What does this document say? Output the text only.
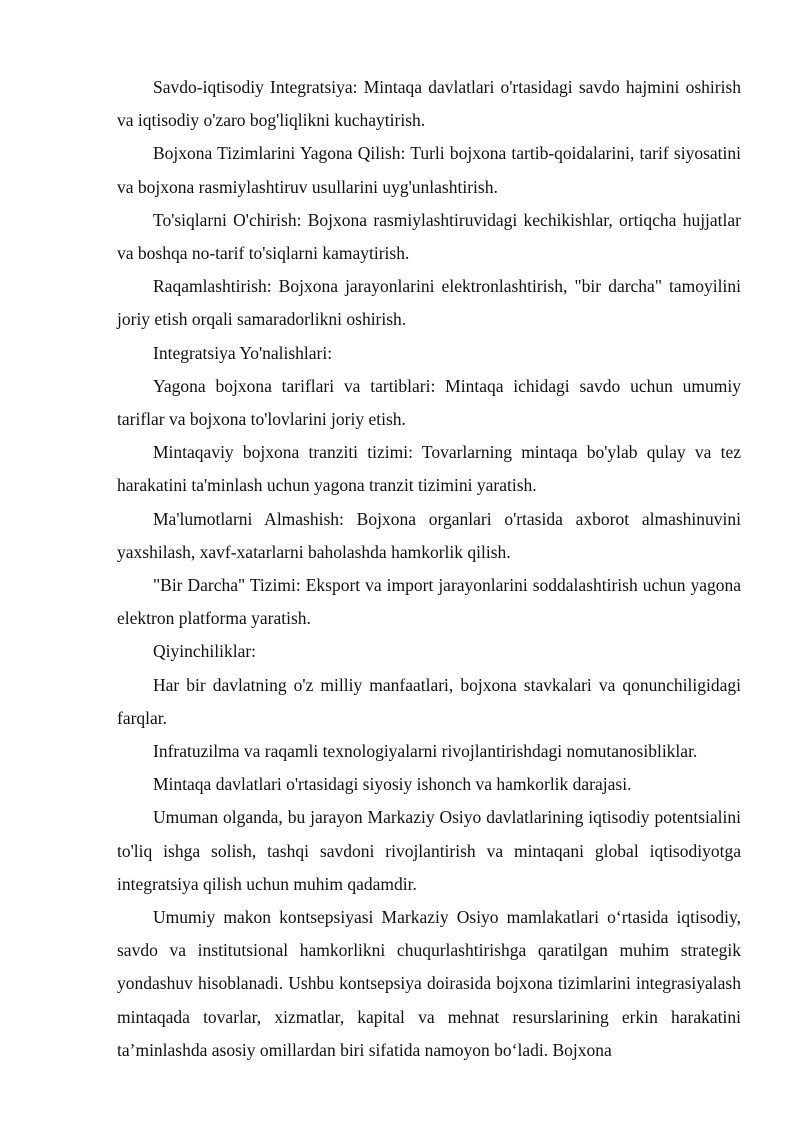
Savdo-iqtisodiy Integratsiya: Mintaqa davlatlari o'rtasidagi savdo hajmini oshirish va iqtisodiy o'zaro bog'liqlikni kuchaytirish.

Bojxona Tizimlarini Yagona Qilish: Turli bojxona tartib-qoidalarini, tarif siyosatini va bojxona rasmiylashtiruv usullarini uyg'unlashtirish.

To'siqlarni O'chirish: Bojxona rasmiylashtiruvidagi kechikishlar, ortiqcha hujjatlar va boshqa no-tarif to'siqlarni kamaytirish.

Raqamlashtirish: Bojxona jarayonlarini elektronlashtirish, "bir darcha" tamoyilini joriy etish orqali samaradorlikni oshirish.

Integratsiya Yo'nalishlari:

Yagona bojxona tariflari va tartiblari: Mintaqa ichidagi savdo uchun umumiy tariflar va bojxona to'lovlarini joriy etish.

Mintaqaviy bojxona tranziti tizimi: Tovarlarning mintaqa bo'ylab qulay va tez harakatini ta'minlash uchun yagona tranzit tizimini yaratish.

Ma'lumotlarni Almashish: Bojxona organlari o'rtasida axborot almashinuvini yaxshilash, xavf-xatarlarni baholashda hamkorlik qilish.

"Bir Darcha" Tizimi: Eksport va import jarayonlarini soddalashtirish uchun yagona elektron platforma yaratish.

Qiyinchiliklar:

Har bir davlatning o'z milliy manfaatlari, bojxona stavkalari va qonunchiligidagi farqlar.

Infratuzilma va raqamli texnologiyalarni rivojlantirishdagi nomutanosibliklar.

Mintaqa davlatlari o'rtasidagi siyosiy ishonch va hamkorlik darajasi.

Umuman olganda, bu jarayon Markaziy Osiyo davlatlarining iqtisodiy potentsialini to'liq ishga solish, tashqi savdoni rivojlantirish va mintaqani global iqtisodiyotga integratsiya qilish uchun muhim qadamdir.

Umumiy makon kontsepsiyasi Markaziy Osiyo mamlakatlari o‘rtasida iqtisodiy, savdo va institutsional hamkorlikni chuqurlashtirishga qaratilgan muhim strategik yondashuv hisoblanadi. Ushbu kontsepsiya doirasida bojxona tizimlarini integrasiyalash mintaqada tovarlar, xizmatlar, kapital va mehnat resurslarining erkin harakatini ta’minlashda asosiy omillardan biri sifatida namoyon bo‘ladi. Bojxona
